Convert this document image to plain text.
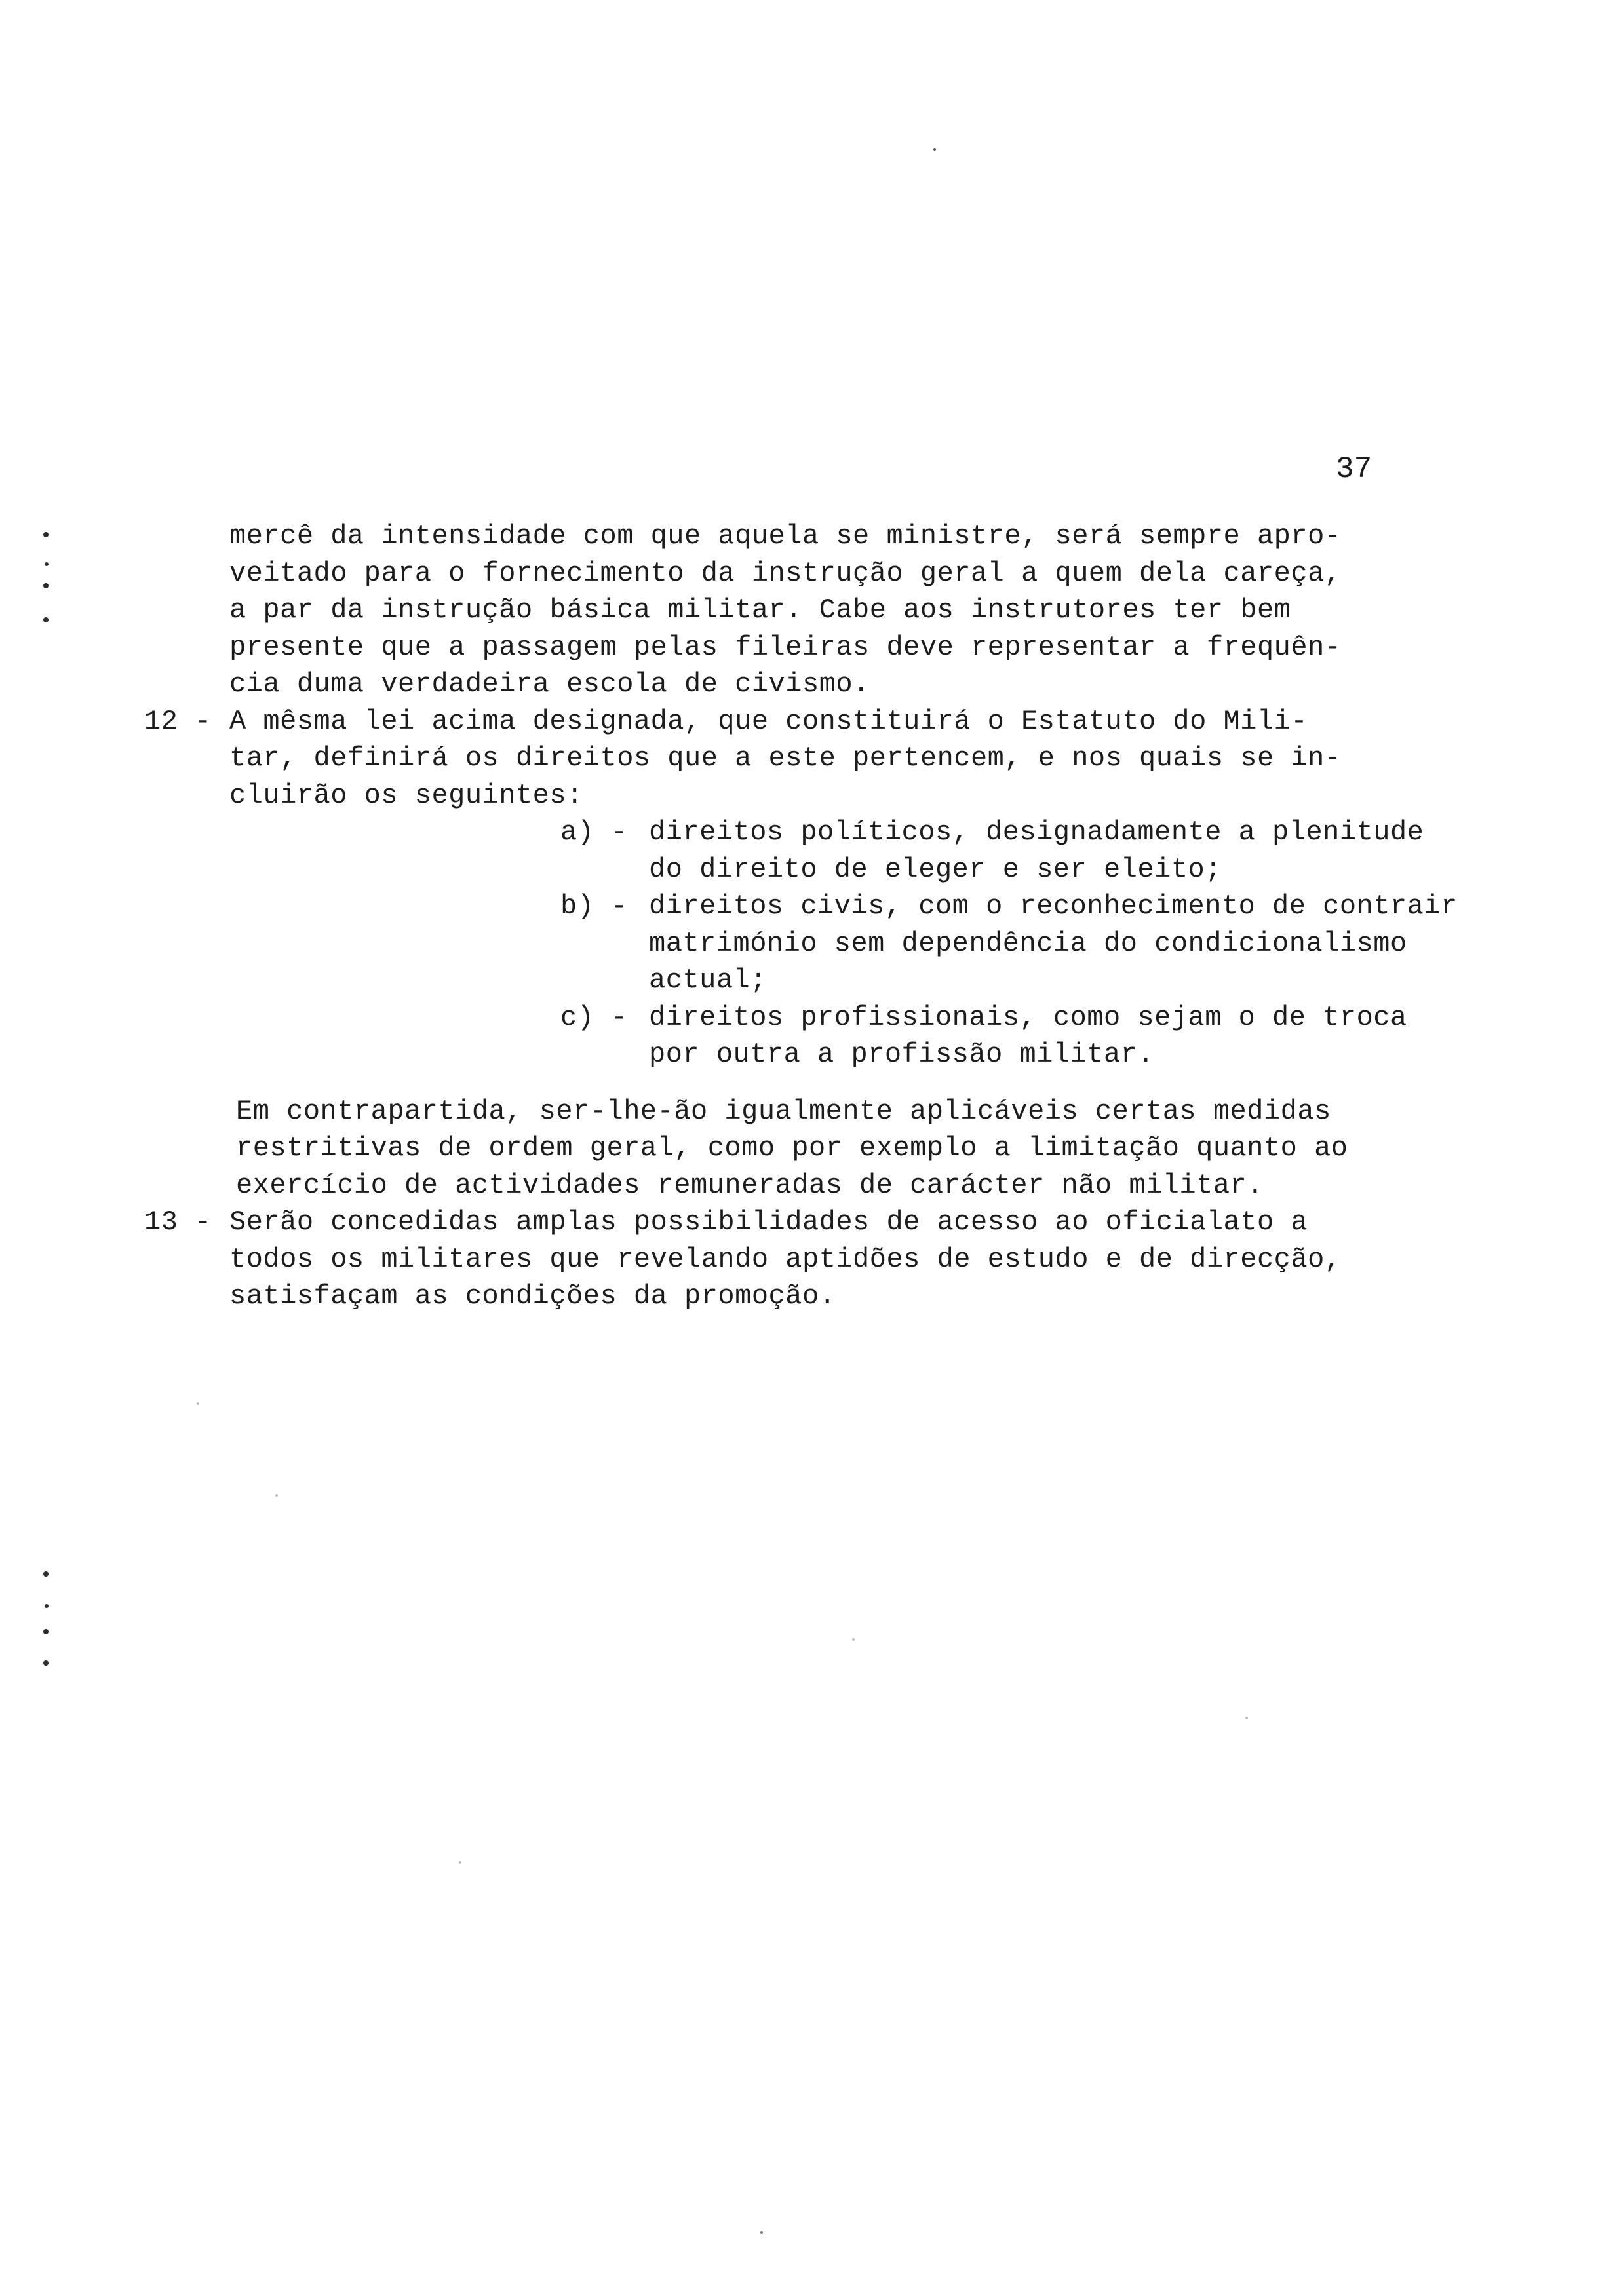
37
mercê da intensidade com que aquela se ministre, será sempre apro-
veitado para o fornecimento da instrução geral a quem dela careça,
a par da instrução básica militar. Cabe aos instrutores ter bem
presente que a passagem pelas fileiras deve representar a frequên-
cia duma verdadeira escola de civismo.
12 - A mêsma lei acima designada, que constituirá o Estatuto do Mili-
tar, definirá os direitos que a este pertencem, e nos quais se in-
cluirão os seguintes:
a) - direitos políticos, designadamente a plenitude
do direito de eleger e ser eleito;
b) - direitos civis, com o reconhecimento de contrair
matrimónio sem dependência do condicionalismo
actual;
c) - direitos profissionais, como sejam o de troca
por outra a profissão militar.
Em contrapartida, ser-lhe-ão igualmente aplicáveis certas medidas
restritivas de ordem geral, como por exemplo a limitação quanto ao
exercício de actividades remuneradas de carácter não militar.
13 - Serão concedidas amplas possibilidades de acesso ao oficialato a
todos os militares que revelando aptidões de estudo e de direcção,
satisfaçam as condições da promoção.
